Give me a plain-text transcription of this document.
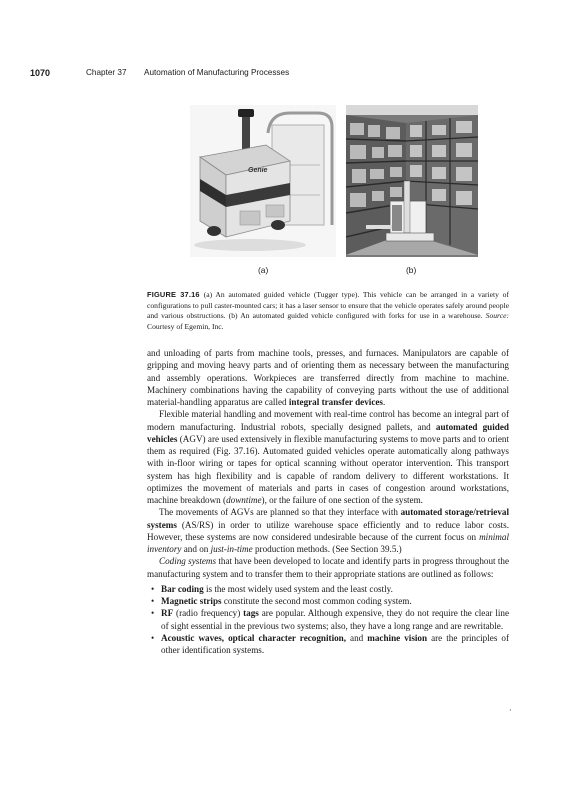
1070	Chapter 37 Automation of Manufacturing Processes
Genie
(a)	(b)
FIGURE 37.16 (a) An automated guided vehicle (Tugger type). This vehicle can be arranged in a variety of configurations to pull caster-mounted cars; it has a laser sensor to ensure that the vehicle operates safely around people and various obstructions. (b) An automated guided vehicle configured with forks for use in a warehouse. Source: Courtesy of Egemin, Inc.

and unloading of parts from machine tools, presses, and furnaces. Manipulators are capable of gripping and moving heavy parts and of orienting them as necessary between the manufacturing and assembly operations. Workpieces are transferred directly from machine to machine. Machinery combinations having the capability of conveying parts without the use of additional material-handling apparatus are called integral transfer devices.

Flexible material handling and movement with real-time control has become an integral part of modern manufacturing. Industrial robots, specially designed pallets, and automated guided vehicles (AGV) are used extensively in flexible manufacturing systems to move parts and to orient them as required (Fig. 37.16). Automated guided vehicles operate automatically along pathways with in-floor wiring or tapes for optical scanning without operator intervention. This transport system has high flexibility and is capable of random delivery to different workstations. It optimizes the movement of materials and parts in cases of congestion around workstations, machine breakdown (downtime), or the failure of one section of the system.

The movements of AGVs are planned so that they interface with automated storage/retrieval systems (AS/RS) in order to utilize warehouse space efficiently and to reduce labor costs. However, these systems are now considered undesirable because of the current focus on minimal inventory and on just-in-time production methods. (See Section 39.5.)

Coding systems that have been developed to locate and identify parts in progress throughout the manufacturing system and to transfer them to their appropriate stations are outlined as follows:

• Bar coding is the most widely used system and the least costly.
• Magnetic strips constitute the second most common coding system.
• RF (radio frequency) tags are popular. Although expensive, they do not require the clear line of sight essential in the previous two systems; also, they have a long range and are rewritable.
• Acoustic waves, optical character recognition, and machine vision are the principles of other identification systems.
·
